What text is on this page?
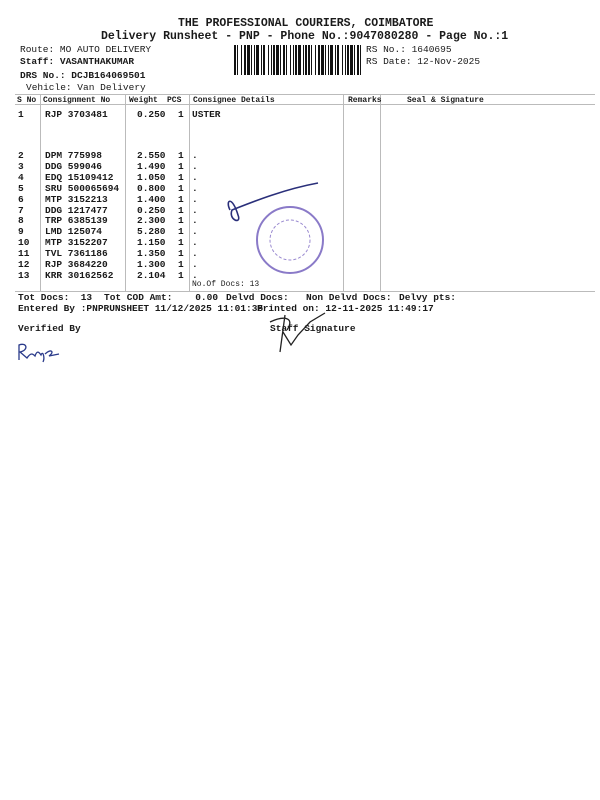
THE PROFESSIONAL COURIERS, COIMBATORE
Delivery Runsheet - PNP - Phone No.:9047080280 - Page No.:1
Route: MO AUTO DELIVERY
Staff: VASANTHAKUMAR
DRS No.: DCJB164069501
Vehicle: Van Delivery
RS No.: 1640695
RS Date: 12-Nov-2025
S No Consignment No Weight PCS Consignee Details	Remarks	Seal & Signature
1 RJP 3703481	0.250 1 USTER
2 DPM 775998	2.550 1 .
3 DDG 599046	1.490 1 .
4 EDQ 15109412 1.050 1 .
5 SRU 500065694 0.800 1 .
6 MTP 3152213	1.400 1 .
7 DDG 1217477	0.250 1 .
8 TRP 6385139	2.300 1 .
9 LMD 125074	5.280 1 .
10 MTP 3152207	1.150 1 .
11 TVL 7361186	1.350 1 .
12 RJP 3684220	1.300 1 .
13 KRR 30162562 2.104 1 .
No.Of Docs: 13
Tot Docs:  13 Tot COD Amt:    0.00 Delvd Docs: Non Delvd Docs: Delvy pts:
Entered By :PNPRUNSHEET 11/12/2025 11:01:35
Printed on: 12-11-2025 11:49:17
Verified By	Staff Signature
